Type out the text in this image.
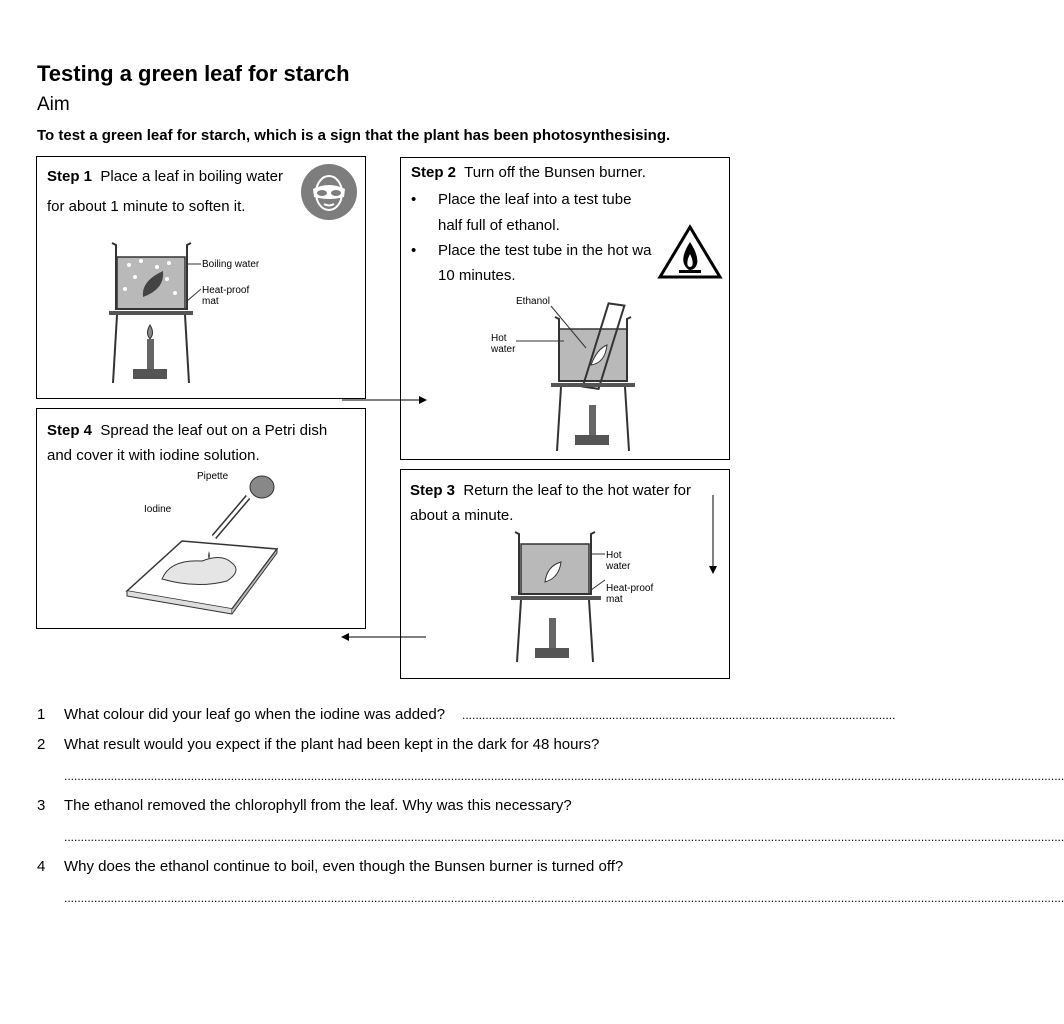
Testing a green leaf for starch
Aim
To test a green leaf for starch, which is a sign that the plant has been photosynthesising.
Step 1 Place a leaf in boiling water
for about 1 minute to soften it.
Boiling water
Heat-proof
mat
Step 2 Turn off the Bunsen burner.
• Place the leaf into a test tube
half full of ethanol.
• Place the test tube in the hot wa
10 minutes.
Ethanol
Hot
water
Step 4 Spread the leaf out on a Petri dish
and cover it with iodine solution.
Pipette
Iodine
Step 3 Return the leaf to the hot water for
about a minute.
Hot
water
Heat-proof
mat
1 What colour did your leaf go when the iodine was added? ..................................................................................................................................
2 What result would you expect if the plant had been kept in the dark for 48 hours?
............................................................................................................................................................................................................................................................................................................
3 The ethanol removed the chlorophyll from the leaf. Why was this necessary?
............................................................................................................................................................................................................................................................................................................
4 Why does the ethanol continue to boil, even though the Bunsen burner is turned off?
............................................................................................................................................................................................................................................................................................................
